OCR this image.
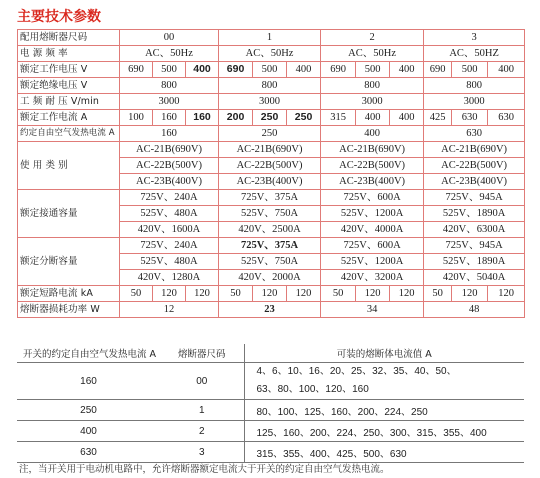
主要技术参数
配用熔断器尺码	00			1			2			3		
电 源 频 率	AC、50Hz			AC、50Hz			AC、50Hz			AC、50HZ		
额定工作电压 V	690	500	400	690	500	400	690	500	400	690	500	400
额定绝缘电压 V	800			800			800			800		
工 频 耐 压 V/min	3000			3000			3000			3000		
额定工作电流 A	100	160	160	200	250	250	315	400	400	425	630	630
约定自由空气发热电流 A	160			250			400			630		
使 用 类 别	AC-21B(690V)			AC-21B(690V)			AC-21B(690V)			AC-21B(690V)		
	AC-22B(500V)			AC-22B(500V)			AC-22B(500V)			AC-22B(500V)		
	AC-23B(400V)			AC-23B(400V)			AC-23B(400V)			AC-23B(400V)		
额定接通容量	725V、240A			725V、375A			725V、600A			725V、945A		
	525V、480A			525V、750A			525V、1200A			525V、1890A		
	420V、1600A			420V、2500A			420V、4000A			420V、6300A		
额定分断容量	725V、240A			725V、375A			725V、600A			725V、945A		
	525V、480A			525V、750A			525V、1200A			525V、1890A		
	420V、1280A			420V、2000A			420V、3200A			420V、5040A		
额定短路电流 kA	50	120	120	50	120	120	50	120	120	50	120	120
熔断器损耗功率 W	12			23			34			48		
开关的约定自由空气发热电流 A	熔断器尺码	可装的熔断体电流值 A
160	00	4、6、10、16、20、25、32、35、40、50、
63、80、100、120、160

250	1	80、100、125、160、200、224、250
400	2	125、160、200、224、250、300、315、355、400
630	3	315、355、400、425、500、630

注，当开关用于电动机电路中，允许熔断器额定电流大于开关的约定自由空气发热电流。
